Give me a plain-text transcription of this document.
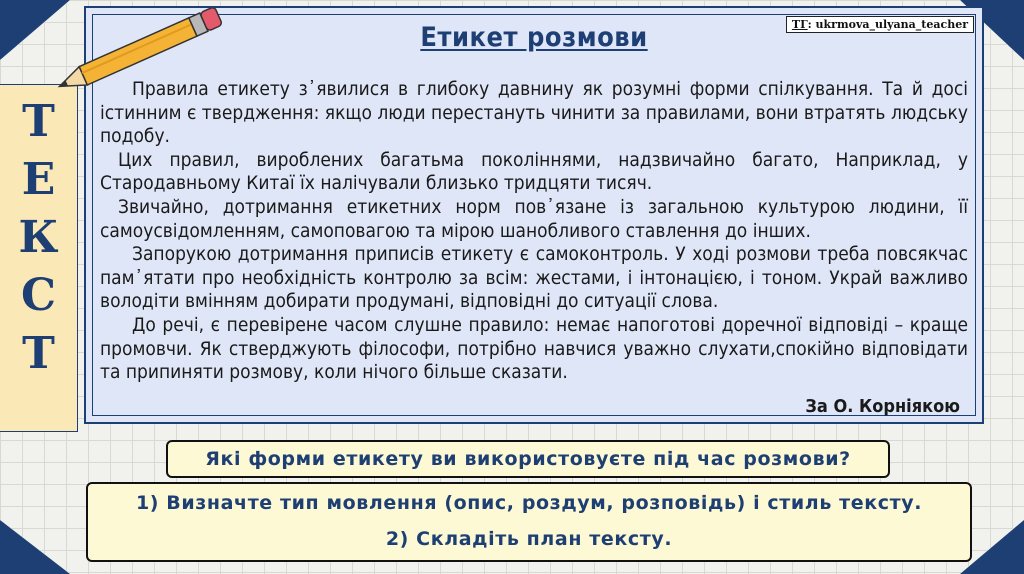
ТГ: ukrmova_ulyana_teacher
Етикет розмови

Правила етикету з᾿явилися в глибоку давнину як розумні форми спілкування. Та й досі істинним є твердження: якщо люди перестануть чинити за правилами, вони втратять людську подобу.

Цих правил, вироблених багатьма поколіннями, надзвичайно багато, Наприклад, у Стародавньому Китаї їх налічували близько тридцяти тисяч.

Звичайно, дотримання етикетних норм пов᾿язане із загальною культурою людини, її самоусвідомленням, самоповагою та мірою шанобливого ставлення до інших.

Запорукою дотримання приписів етикету є самоконтроль. У ході розмови треба повсякчас пам᾿ятати про необхідність контролю за всім: жестами, і інтонацією, і тоном. Украй важливо володіти вмінням добирати продумані, відповідні до ситуації слова.

До речі, є перевірене часом слушне правило: немає напоготові доречної відповіді – краще промовчи. Як стверджують філософи, потрібно навчися уважно слухати,спокійно відповідати та припиняти розмову, коли нічого більше сказати.

За О. Корніякою
Т
Е
К
С
Т
Які форми етикету ви використовуєте під час розмови?
1) Визначте тип мовлення (опис, роздум, розповідь) і стиль тексту.
2) Складіть план тексту.
